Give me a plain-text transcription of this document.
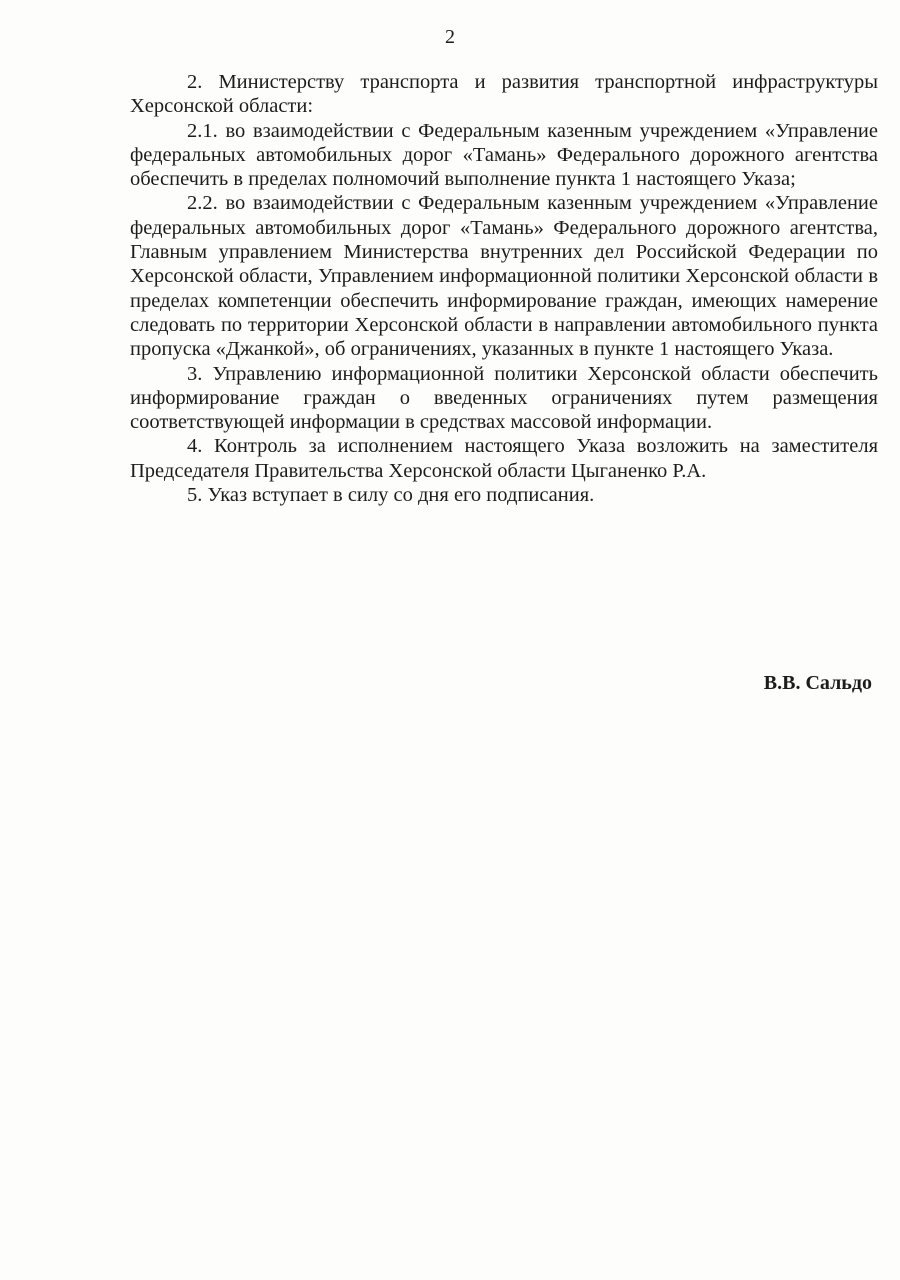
2

2. Министерству транспорта и развития транспортной инфраструктуры Херсонской области:

2.1. во взаимодействии с Федеральным казенным учреждением «Управление федеральных автомобильных дорог «Тамань» Федерального дорожного агентства обеспечить в пределах полномочий выполнение пункта 1 настоящего Указа;

2.2. во взаимодействии с Федеральным казенным учреждением «Управление федеральных автомобильных дорог «Тамань» Федерального дорожного агентства, Главным управлением Министерства внутренних дел Российской Федерации по Херсонской области, Управлением информационной политики Херсонской области в пределах компетенции обеспечить информирование граждан, имеющих намерение следовать по территории Херсонской области в направлении автомобильного пункта пропуска «Джанкой», об ограничениях, указанных в пункте 1 настоящего Указа.

3. Управлению информационной политики Херсонской области обеспечить информирование граждан о введенных ограничениях путем размещения соответствующей информации в средствах массовой информации.

4. Контроль за исполнением настоящего Указа возложить на заместителя Председателя Правительства Херсонской области Цыганенко Р.А.

5. Указ вступает в силу со дня его подписания.

В.В. Сальдо
